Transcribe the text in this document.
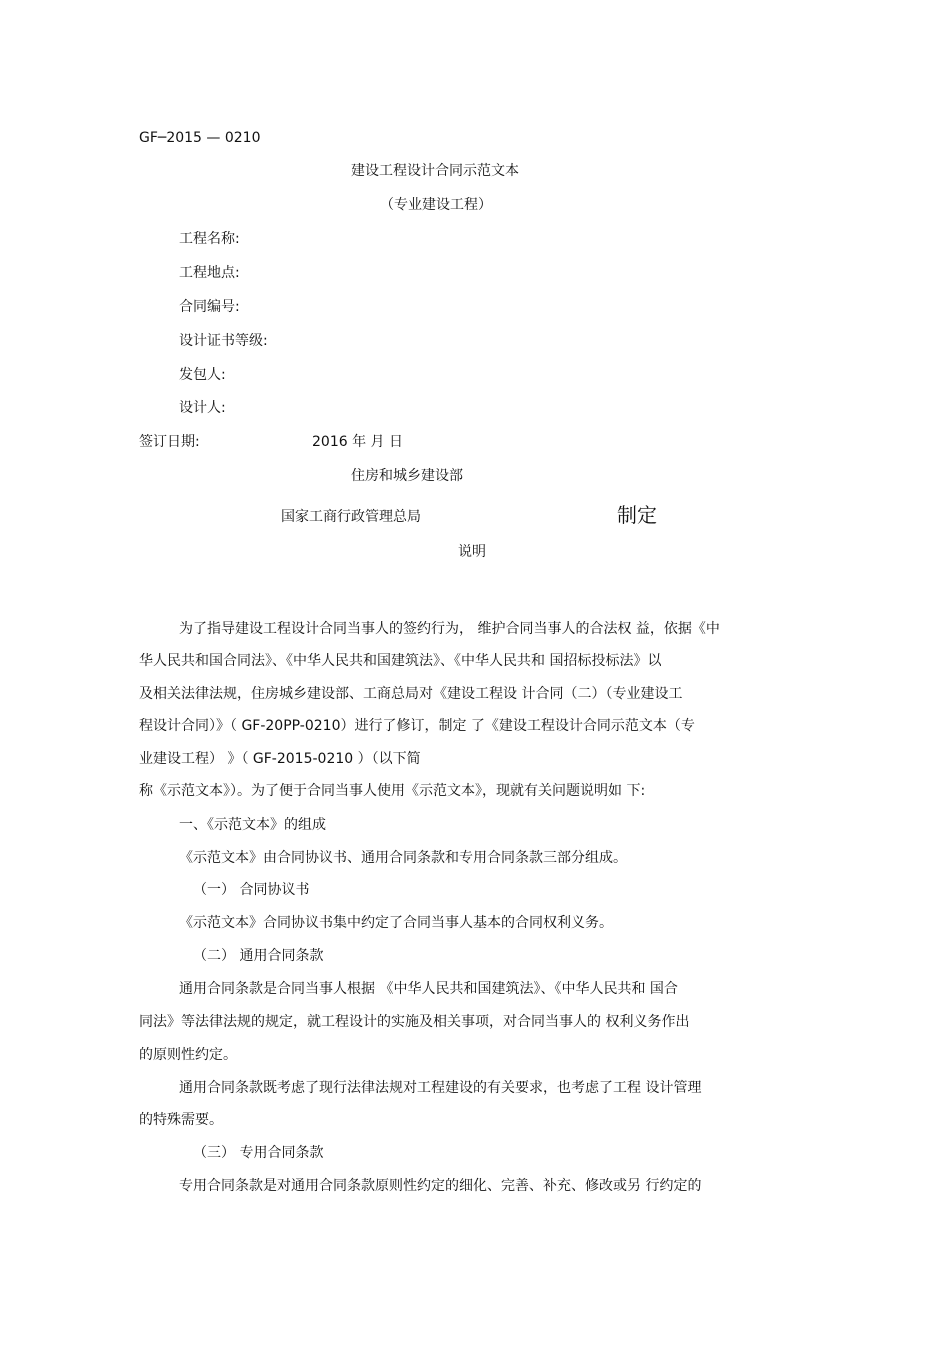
GF─2015 — 0210
建设工程设计合同示范文本
（专业建设工程）
工程名称:
工程地点:
合同编号:
设计证书等级:
发包人:
设计人:
签订日期:	2016 年 月 日
住房和城乡建设部
国家工商行政管理总局	制定
说明
为了指导建设工程设计合同当事人的签约行为， 维护合同当事人的合法权 益，依据《中
华人民共和国合同法》、《中华人民共和国建筑法》、《中华人民共和 国招标投标法》以
及相关法律法规，住房城乡建设部、工商总局对《建设工程设 计合同（二）（专业建设工
程设计合同）》（ GF-20PP-0210）进行了修订，制定 了《建设工程设计合同示范文本（专
业建设工程） 》（ GF-2015-0210 ）（以下简
称《示范文本》）。为了便于合同当事人使用《示范文本》，现就有关问题说明如 下:
一、《示范文本》的组成
《示范文本》由合同协议书、通用合同条款和专用合同条款三部分组成。
（一） 合同协议书
《示范文本》合同协议书集中约定了合同当事人基本的合同权利义务。
（二） 通用合同条款
通用合同条款是合同当事人根据 《中华人民共和国建筑法》、《中华人民共和 国合
同法》等法律法规的规定，就工程设计的实施及相关事项，对合同当事人的 权利义务作出
的原则性约定。
通用合同条款既考虑了现行法律法规对工程建设的有关要求，也考虑了工程 设计管理
的特殊需要。
（三） 专用合同条款
专用合同条款是对通用合同条款原则性约定的细化、完善、补充、修改或另 行约定的
